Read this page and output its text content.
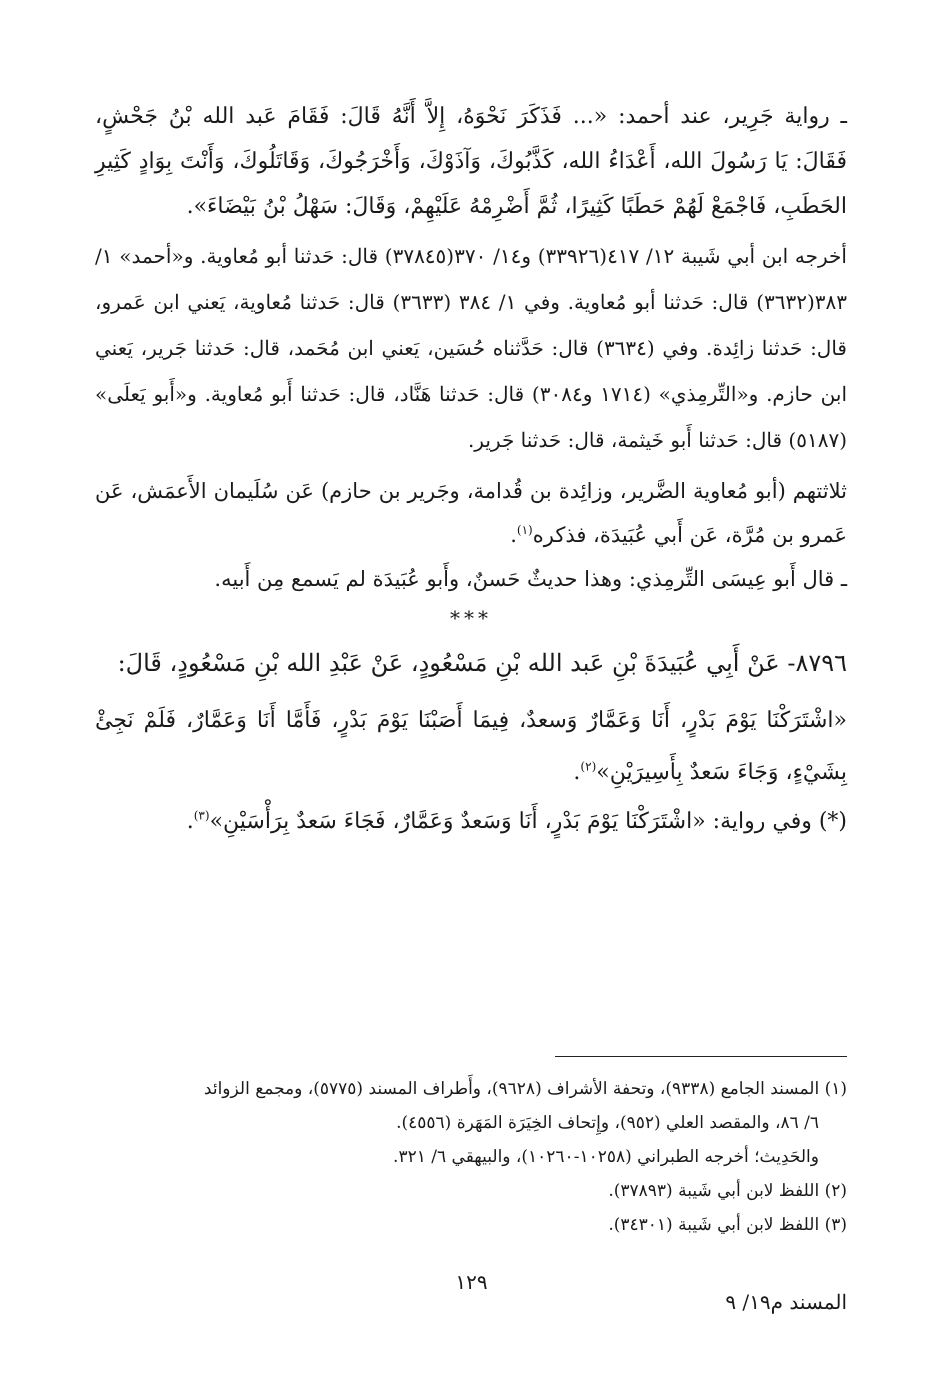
ـ رواية جَرِير، عند أحمد: «... فَذَكَرَ نَحْوَهُ، إِلاَّ أَنَّهُ قَالَ: فَقَامَ عَبد الله بْنُ جَحْشٍ، فَقَالَ: يَا رَسُولَ الله، أَعْدَاءُ الله، كَذَّبُوكَ، وَآذَوْكَ، وَأَخْرَجُوكَ، وَقَاتَلُوكَ، وَأَنْتَ بِوَادٍ كَثِيرِ الحَطَبِ، فَاجْمَعْ لَهُمْ حَطَبًا كَثِيرًا، ثُمَّ أَضْرِمْهُ عَلَيْهِمْ، وَقَالَ: سَهْلُ بْنُ بَيْضَاءَ».

أخرجه ابن أبي شَيبة ١٢/ ٤١٧(٣٣٩٢٦) و١٤/ ٣٧٠(٣٧٨٤٥) قال: حَدثنا أبو مُعاوية. و«أحمد» ١/ ٣٨٣(٣٦٣٢) قال: حَدثنا أبو مُعاوية. وفي ١/ ٣٨٤ (٣٦٣٣) قال: حَدثنا مُعاوية، يَعني ابن عَمرو، قال: حَدثنا زائِدة. وفي (٣٦٣٤) قال: حَدَّثناه حُسَين، يَعني ابن مُحَمد، قال: حَدثنا جَرير، يَعني ابن حازم. و«التِّرمِذي» (١٧١٤ و٣٠٨٤) قال: حَدثنا هَنَّاد، قال: حَدثنا أَبو مُعاوية. و«أَبو يَعلَى» (٥١٨٧) قال: حَدثنا أَبو خَيثمة، قال: حَدثنا جَرير.

ثلاثتهم (أبو مُعاوية الضَّرير، وزائِدة بن قُدامة، وجَرير بن حازم) عَن سُلَيمان الأَعمَش، عَن عَمرو بن مُرَّة، عَن أَبي عُبَيدَة، فذكره$^{(١)}$.

ـ قال أَبو عِيسَى التِّرمِذي: وهذا حديثٌ حَسنٌ، وأَبو عُبَيدَة لم يَسمع مِن أَبيه.

***

٨٧٩٦- عَنْ أَبِي عُبَيدَةَ بْنِ عَبد الله بْنِ مَسْعُودٍ، عَنْ عَبْدِ الله بْنِ مَسْعُودٍ، قَالَ:

«اشْتَرَكْنَا يَوْمَ بَدْرٍ، أَنَا وَعَمَّارٌ وَسعدٌ، فِيمَا أَصَبْنَا يَوْمَ بَدْرٍ، فَأَمَّا أَنَا وَعَمَّارٌ، فَلَمْ نَجِئْ بِشَيْءٍ، وَجَاءَ سَعدٌ بِأَسِيرَيْنِ»$^{(٢)}$.

(*) وفي رواية: «اشْتَرَكْنَا يَوْمَ بَدْرٍ، أَنَا وَسَعدٌ وَعَمَّارٌ، فَجَاءَ سَعدٌ بِرَأْسَيْنِ»$^{(٣)}$.

(١) المسند الجامع (٩٣٣٨)، وتحفة الأشراف (٩٦٢٨)، وأَطراف المسند (٥٧٧٥)، ومجمع الزوائد

٦/ ٨٦، والمقصد العلي (٩٥٢)، وإِتحاف الخِيَرَة المَهَرة (٤٥٥٦).

والحَدِيث؛ أخرجه الطبراني (١٠٢٥٨-١٠٢٦٠)، والبيهقي ٦/ ٣٢١.

(٢) اللفظ لابن أبي شَيبة (٣٧٨٩٣).

(٣) اللفظ لابن أبي شَيبة (٣٤٣٠١).

١٢٩
المسند م١٩/ ٩
